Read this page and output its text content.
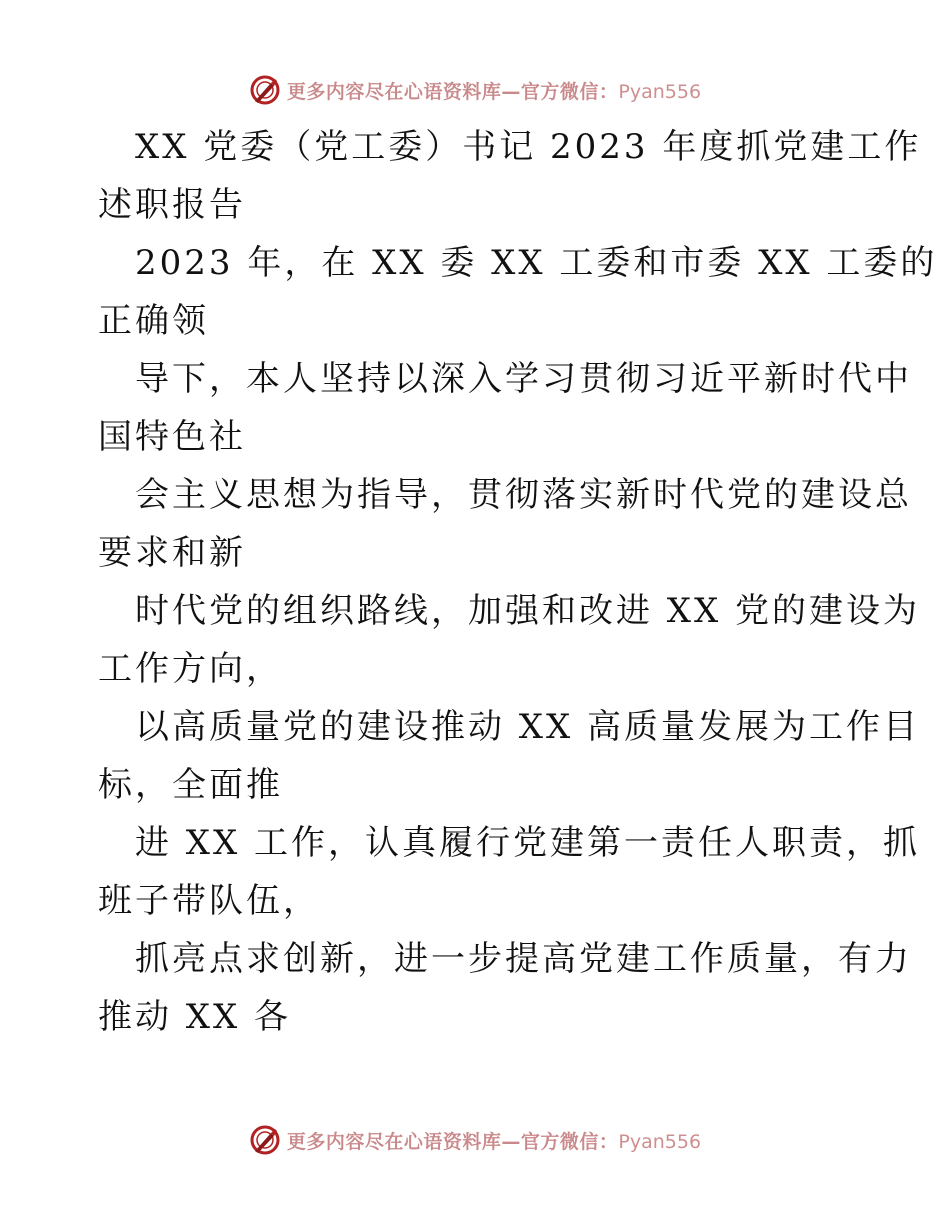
更多内容尽在心语资料库—官方微信：Pyan556
XX 党委（党工委）书记 2023 年度抓党建工作
述职报告
2023 年，在 XX 委 XX 工委和市委 XX 工委的
正确领
导下，本人坚持以深入学习贯彻习近平新时代中
国特色社
会主义思想为指导，贯彻落实新时代党的建设总
要求和新
时代党的组织路线，加强和改进 XX 党的建设为
工作方向，
以高质量党的建设推动 XX 高质量发展为工作目
标，全面推
进 XX 工作，认真履行党建第一责任人职责，抓
班子带队伍，
抓亮点求创新，进一步提高党建工作质量，有力
推动 XX 各
更多内容尽在心语资料库—官方微信：Pyan556
